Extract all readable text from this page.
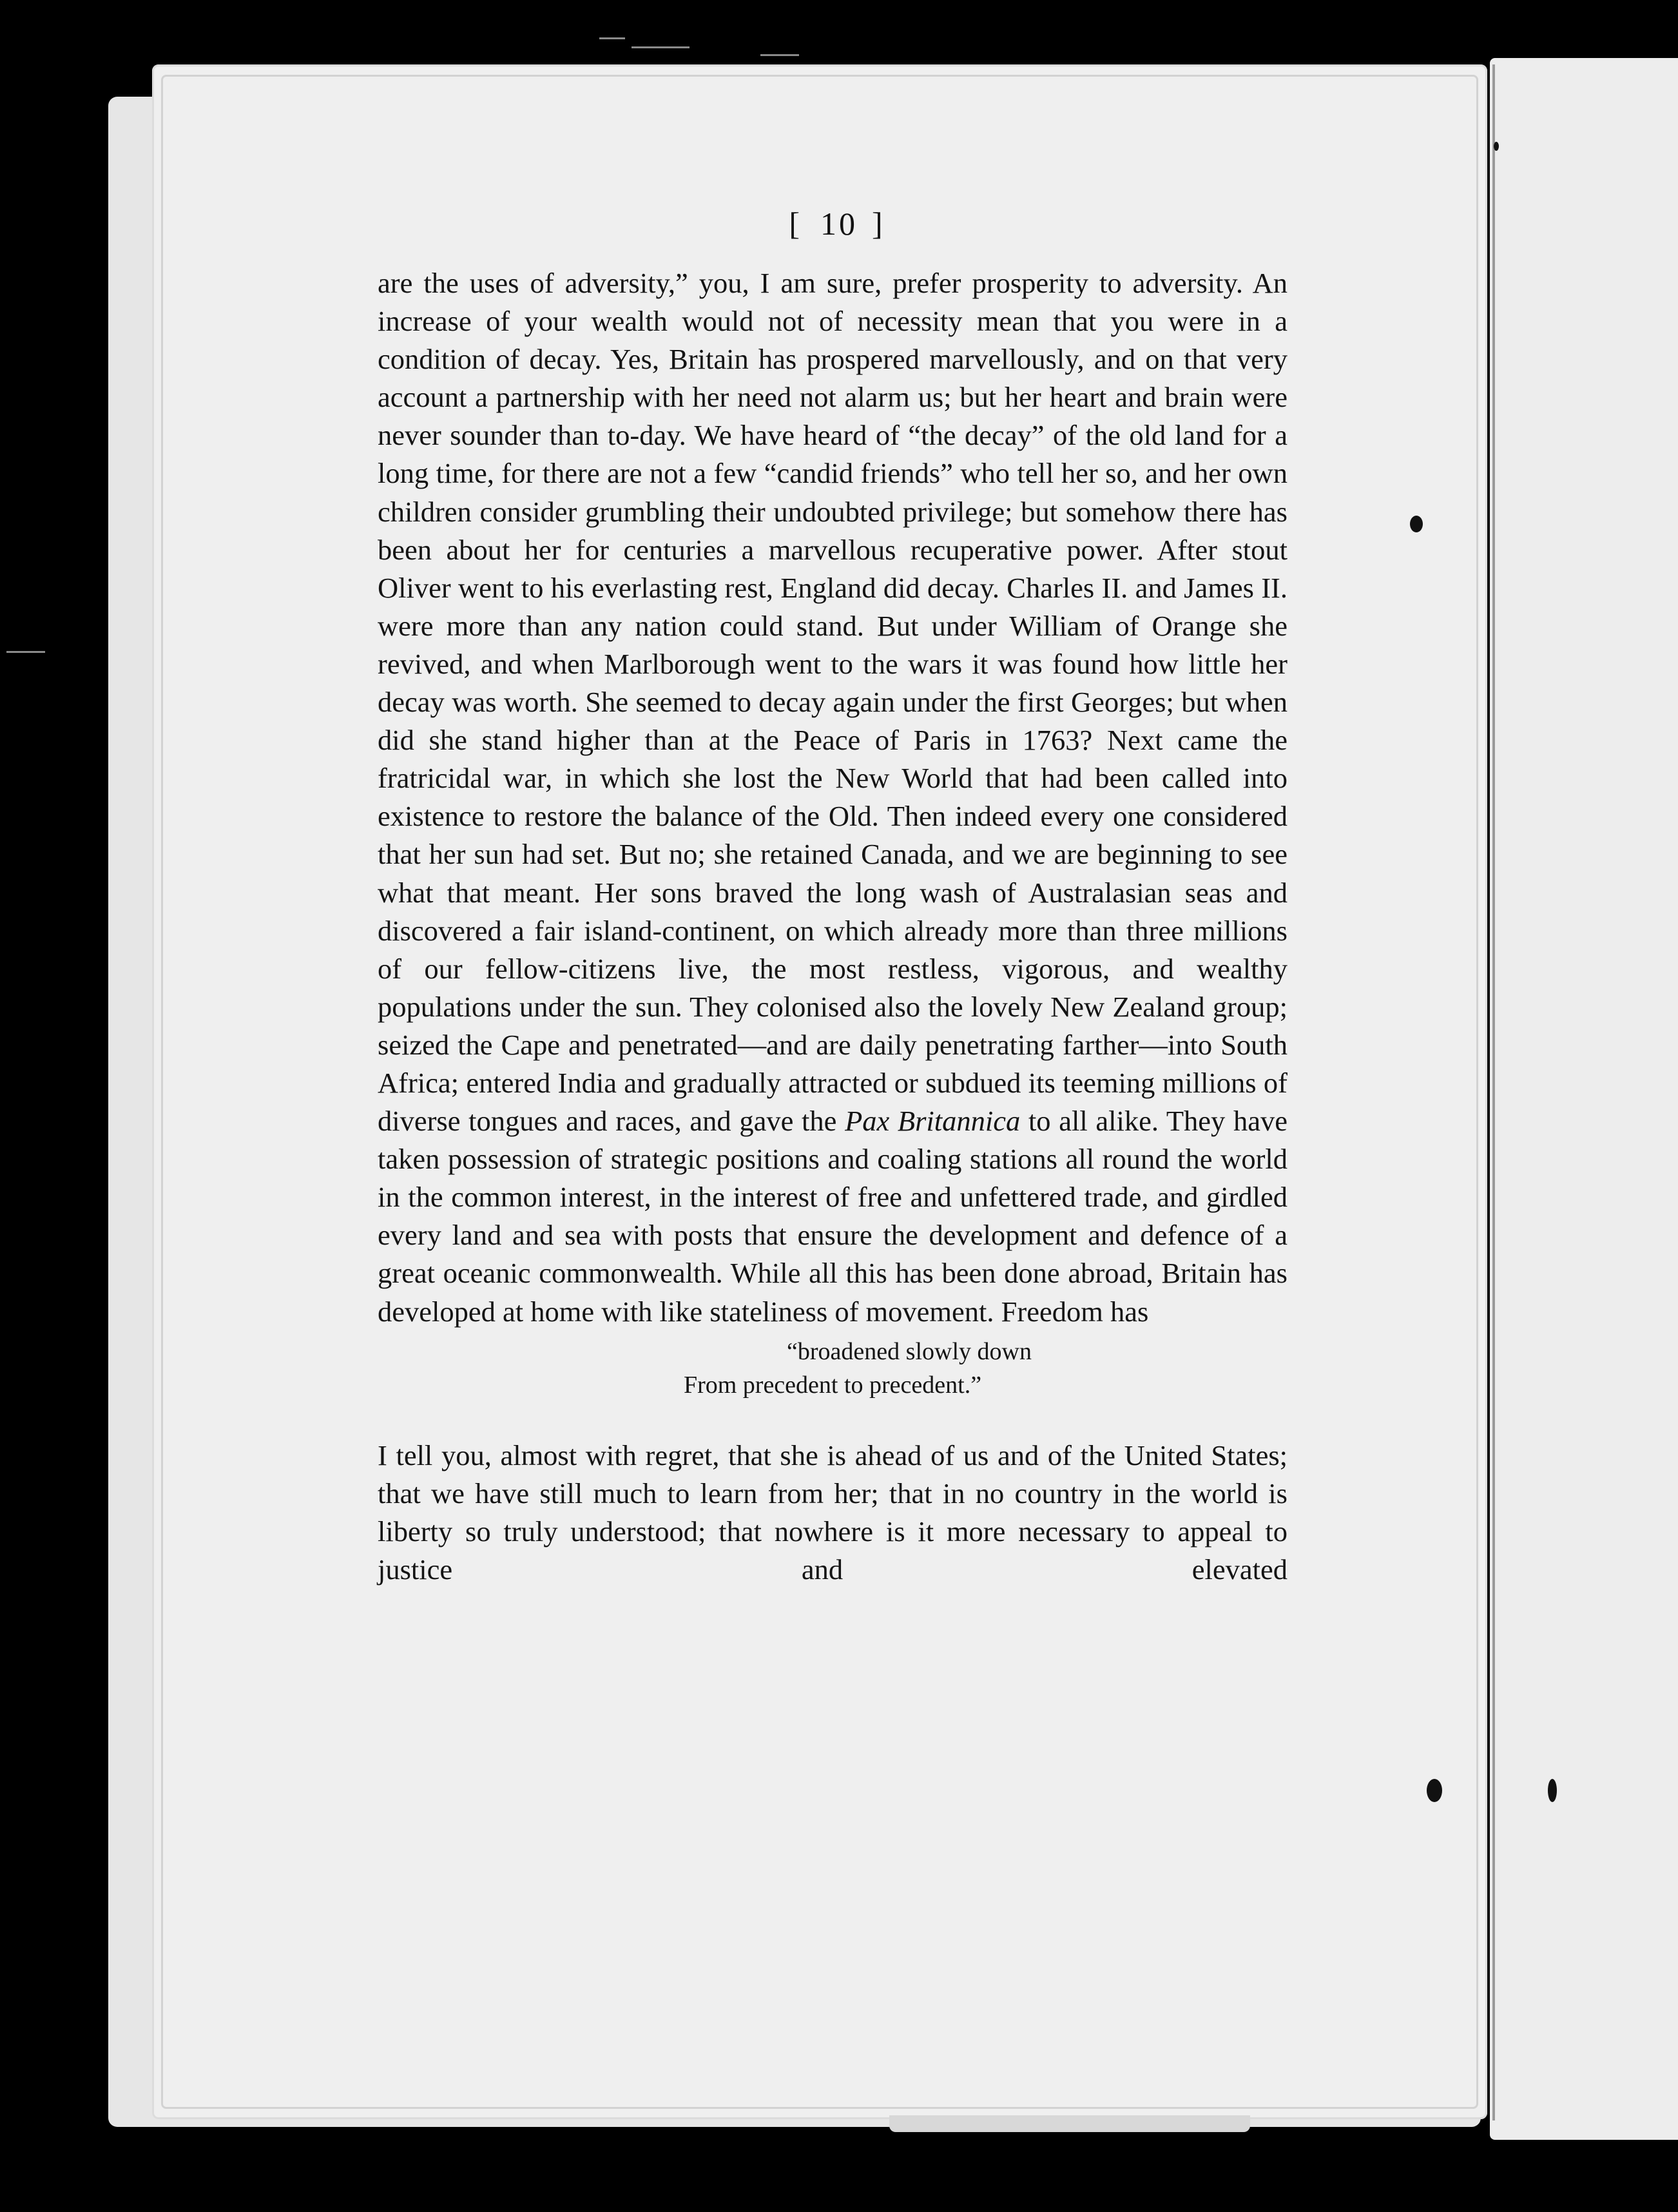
[ 10 ]

are the uses of adversity,” you, I am sure, prefer prosperity to adversity. An increase of your wealth would not of necessity mean that you were in a condition of decay. Yes, Britain has prospered marvellously, and on that very account a partnership with her need not alarm us; but her heart and brain were never sounder than to-day. We have heard of “the decay” of the old land for a long time, for there are not a few “candid friends” who tell her so, and her own children consider grumbling their undoubted privilege; but somehow there has been about her for centuries a marvellous recuperative power. After stout Oliver went to his everlasting rest, England did decay. Charles II. and James II. were more than any nation could stand. But under William of Orange she revived, and when Marlborough went to the wars it was found how little her decay was worth. She seemed to decay again under the first Georges; but when did she stand higher than at the Peace of Paris in 1763? Next came the fratricidal war, in which she lost the New World that had been called into existence to restore the balance of the Old. Then indeed every one considered that her sun had set. But no; she retained Canada, and we are beginning to see what that meant. Her sons braved the long wash of Australasian seas and discovered a fair island-continent, on which already more than three millions of our fellow-citizens live, the most restless, vigorous, and wealthy populations under the sun. They colonised also the lovely New Zealand group; seized the Cape and penetrated—and are daily penetrating farther—into South Africa; entered India and gradually attracted or subdued its teeming millions of diverse tongues and races, and gave the Pax Britannica to all alike. They have taken possession of strategic positions and coaling stations all round the world in the common interest, in the interest of free and unfettered trade, and girdled every land and sea with posts that ensure the development and defence of a great oceanic commonwealth. While all this has been done abroad, Britain has developed at home with like stateliness of movement. Freedom has

“broadened slowly down
From precedent to precedent.”

I tell you, almost with regret, that she is ahead of us and of the United States; that we have still much to learn from her; that in no country in the world is liberty so truly understood; that nowhere is it more necessary to appeal to justice and elevated
